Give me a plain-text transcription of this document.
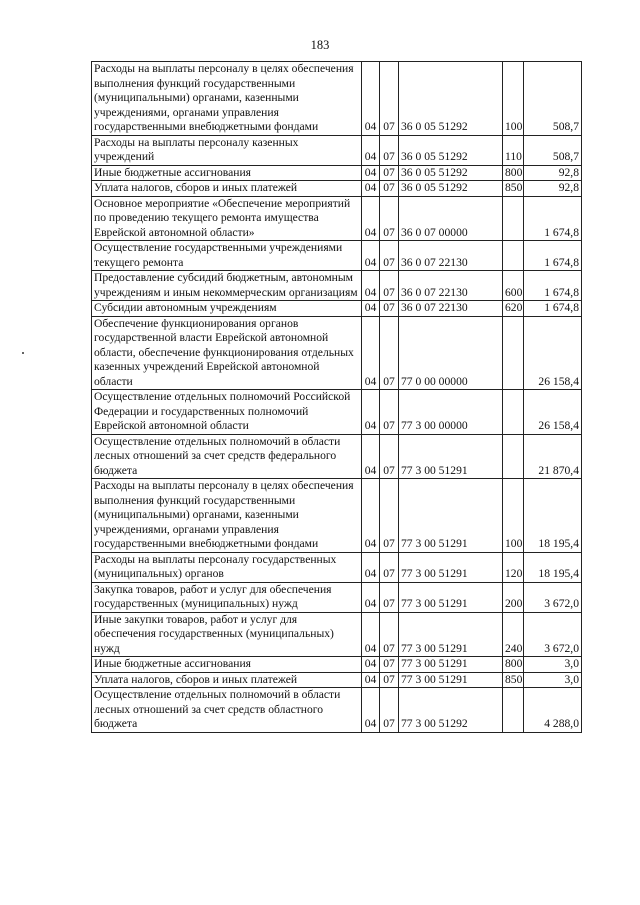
183
Расходы на выплаты персоналу в целях обеспечения выполнения функций государственными (муниципальными) органами, казенными учреждениями, органами управления государственными внебюджетными фондами	04	07	36 0 05 51292	100	508,7
Расходы на выплаты персоналу казенных учреждений	04	07	36 0 05 51292	110	508,7
Иные бюджетные ассигнования	04	07	36 0 05 51292	800	92,8
Уплата налогов, сборов и иных платежей	04	07	36 0 05 51292	850	92,8
Основное мероприятие «Обеспечение мероприятий по проведению текущего ремонта имущества Еврейской автономной области»	04	07	36 0 07 00000		1 674,8
Осуществление государственными учреждениями текущего ремонта	04	07	36 0 07 22130		1 674,8
Предоставление субсидий бюджетным, автономным учреждениям и иным некоммерческим организациям	04	07	36 0 07 22130	600	1 674,8
Субсидии автономным учреждениям	04	07	36 0 07 22130	620	1 674,8
Обеспечение функционирования органов государственной власти Еврейской автономной области, обеспечение функционирования отдельных казенных учреждений Еврейской автономной области	04	07	77 0 00 00000		26 158,4
Осуществление отдельных полномочий Российской Федерации и государственных полномочий Еврейской автономной области	04	07	77 3 00 00000		26 158,4
Осуществление отдельных полномочий в области лесных отношений за счет средств федерального бюджета	04	07	77 3 00 51291		21 870,4
Расходы на выплаты персоналу в целях обеспечения выполнения функций государственными (муниципальными) органами, казенными учреждениями, органами управления государственными внебюджетными фондами	04	07	77 3 00 51291	100	18 195,4
Расходы на выплаты персоналу государственных (муниципальных) органов	04	07	77 3 00 51291	120	18 195,4
Закупка товаров, работ и услуг для обеспечения государственных (муниципальных) нужд	04	07	77 3 00 51291	200	3 672,0
Иные закупки товаров, работ и услуг для обеспечения государственных (муниципальных) нужд	04	07	77 3 00 51291	240	3 672,0
Иные бюджетные ассигнования	04	07	77 3 00 51291	800	3,0
Уплата налогов, сборов и иных платежей	04	07	77 3 00 51291	850	3,0
Осуществление отдельных полномочий в области лесных отношений за счет средств областного бюджета	04	07	77 3 00 51292		4 288,0
